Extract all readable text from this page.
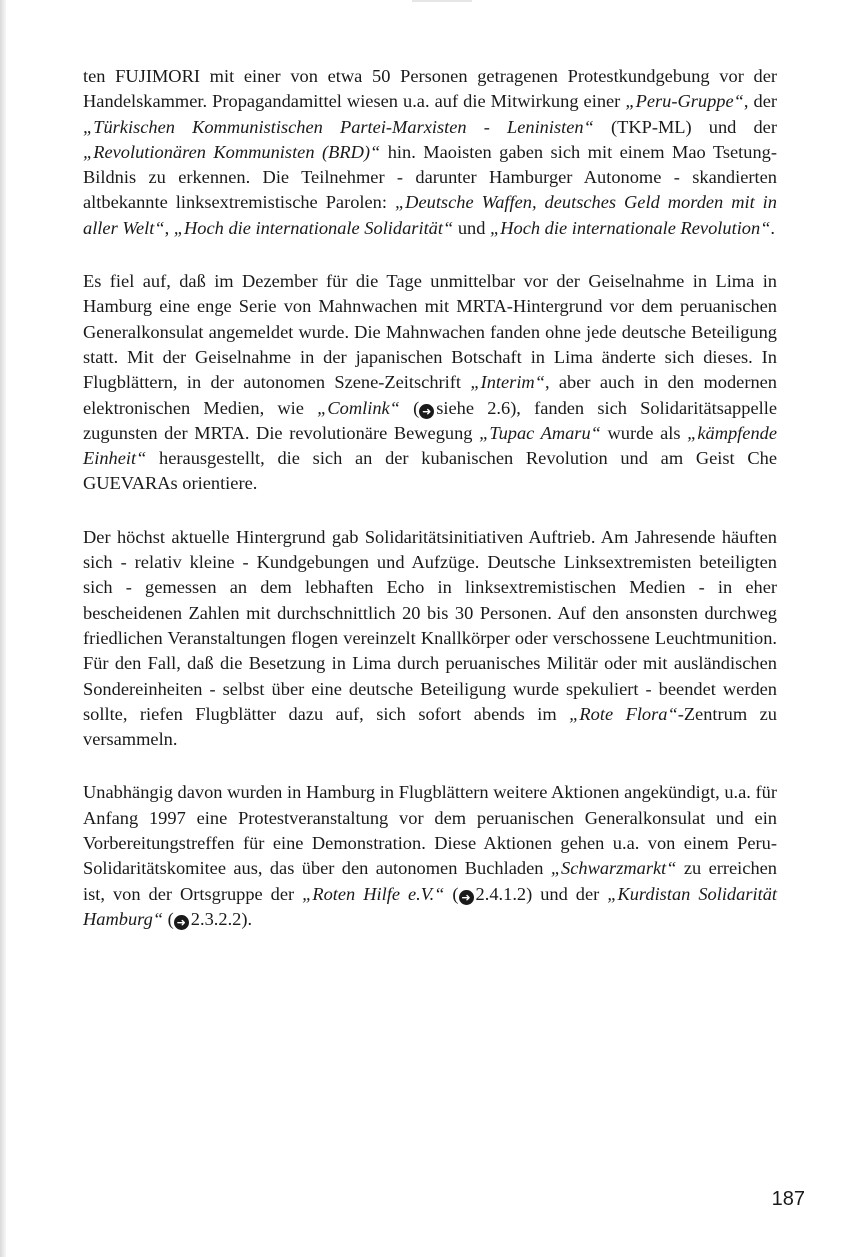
ten FUJIMORI mit einer von etwa 50 Personen getragenen Protestkundgebung vor der Handelskammer. Propagandamittel wiesen u.a. auf die Mitwirkung einer „Peru-Gruppe“, der „Türkischen Kommunistischen Partei-Marxisten - Leninisten“ (TKP-ML) und der „Revolutionären Kommunisten (BRD)“ hin. Maoisten gaben sich mit einem Mao Tsetung-Bildnis zu erkennen. Die Teilnehmer - darunter Hamburger Autonome - skandierten altbekannte linksextremistische Parolen: „Deutsche Waffen, deutsches Geld morden mit in aller Welt“, „Hoch die internationale Solidarität“ und „Hoch die internationale Revolution“.

Es fiel auf, daß im Dezember für die Tage unmittelbar vor der Geiselnahme in Lima in Hamburg eine enge Serie von Mahnwachen mit MRTA-Hintergrund vor dem peruanischen Generalkonsulat angemeldet wurde. Die Mahnwachen fanden ohne jede deutsche Beteiligung statt. Mit der Geiselnahme in der japanischen Botschaft in Lima änderte sich dieses. In Flugblättern, in der autonomen Szene-Zeitschrift „Interim“, aber auch in den modernen elektronischen Medien, wie „Comlink“ ( ➜ siehe 2.6), fanden sich Solidaritätsappelle zugunsten der MRTA. Die revolutionäre Bewegung „Tupac Amaru“ wurde als „kämpfende Einheit“ herausgestellt, die sich an der kubanischen Revolution und am Geist Che GUEVARAs orientiere.

Der höchst aktuelle Hintergrund gab Solidaritätsinitiativen Auftrieb. Am Jahresende häuften sich - relativ kleine - Kundgebungen und Aufzüge. Deutsche Linksextremisten beteiligten sich - gemessen an dem lebhaften Echo in linksextremistischen Medien - in eher bescheidenen Zahlen mit durchschnittlich 20 bis 30 Personen. Auf den ansonsten durchweg friedlichen Veranstaltungen flogen vereinzelt Knallkörper oder verschossene Leuchtmunition. Für den Fall, daß die Besetzung in Lima durch peruanisches Militär oder mit ausländischen Sondereinheiten - selbst über eine deutsche Beteiligung wurde spekuliert - beendet werden sollte, riefen Flugblätter dazu auf, sich sofort abends im „Rote Flora“-Zentrum zu versammeln.

Unabhängig davon wurden in Hamburg in Flugblättern weitere Aktionen angekündigt, u.a. für Anfang 1997 eine Protestveranstaltung vor dem peruanischen Generalkonsulat und ein Vorbereitungstreffen für eine Demonstration. Diese Aktionen gehen u.a. von einem Peru-Solidaritätskomitee aus, das über den autonomen Buchladen „Schwarzmarkt“ zu erreichen ist, von der Ortsgruppe der „Roten Hilfe e.V.“ ( ➜ 2.4.1.2) und der „Kurdistan Solidarität Hamburg“ ( ➜ 2.3.2.2).

187
